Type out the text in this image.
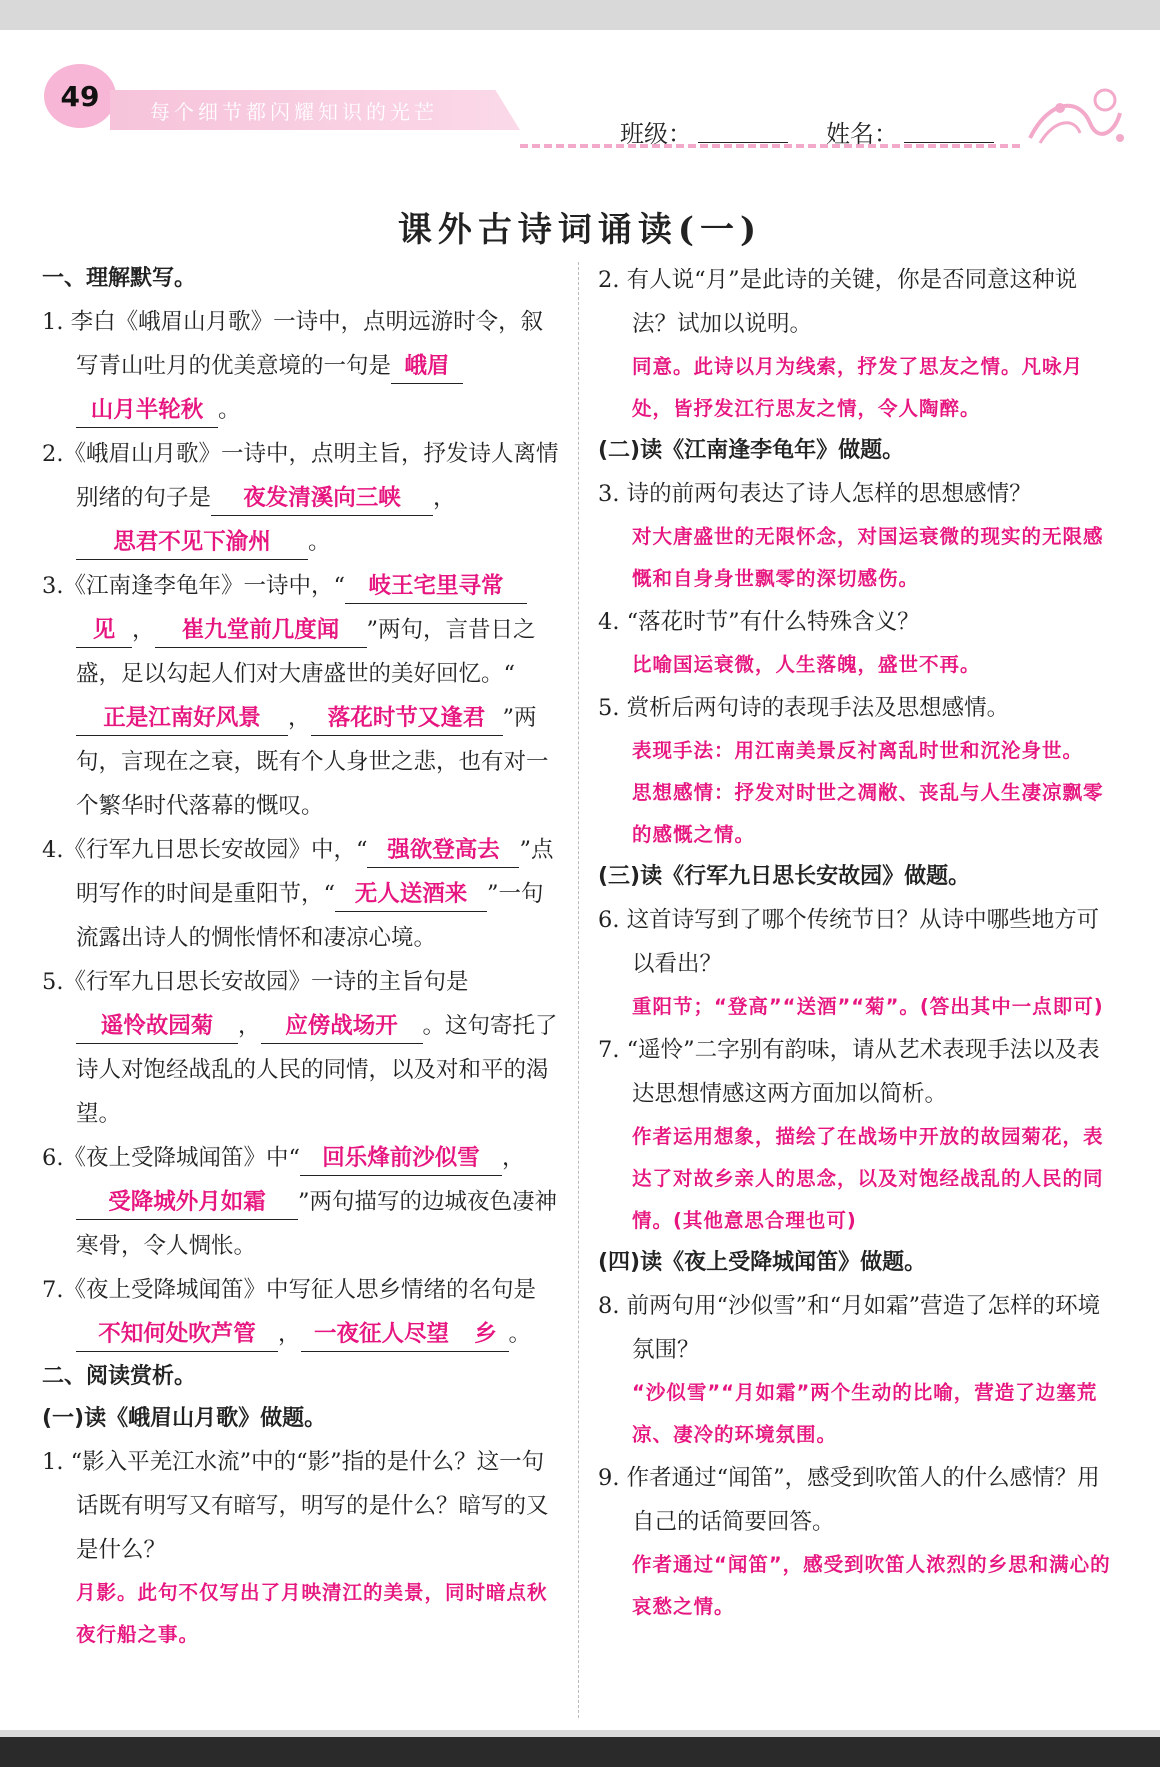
49	每个细节都闪耀知识的光芒
班级：	姓名：
课外古诗词诵读(一)
一、理解默写。
1. 李白《峨眉山月歌》一诗中，点明远游时令，叙写青山吐月的优美意境的一句是 峨眉山月半轮秋 。
2.《峨眉山月歌》一诗中，点明主旨，抒发诗人离情别绪的句子是 夜发清溪向三峡 ，思君不见下渝州 。
3.《江南逢李龟年》一诗中，“ 岐王宅里寻常见 ， 崔九堂前几度闻 ”两句，言昔日之盛，足以勾起人们对大唐盛世的美好回忆。“正是江南好风景 ， 落花时节又逢君 ”两句，言现在之衰，既有个人身世之悲，也有对一个繁华时代落幕的慨叹。
4.《行军九日思长安故园》中，“ 强欲登高去 ”点明写作的时间是重阳节，“ 无人送酒来 ”一句流露出诗人的惆怅情怀和凄凉心境。
5.《行军九日思长安故园》一诗的主旨句是遥怜故园菊 ， 应傍战场开 。这句寄托了诗人对饱经战乱的人民的同情，以及对和平的渴望。
6.《夜上受降城闻笛》中“ 回乐烽前沙似雪 ，受降城外月如霜 ”两句描写的边城夜色凄神寒骨，令人惆怅。
7.《夜上受降城闻笛》中写征人思乡情绪的名句是不知何处吹芦管 ， 一夜征人尽望 乡 。
二、阅读赏析。
(一)读《峨眉山月歌》做题。
1. “影入平羌江水流”中的“影”指的是什么？这一句话既有明写又有暗写，明写的是什么？暗写的又是什么？
月影。此句不仅写出了月映清江的美景，同时暗点秋夜行船之事。
2. 有人说“月”是此诗的关键，你是否同意这种说法？试加以说明。
同意。此诗以月为线索，抒发了思友之情。凡咏月处，皆抒发江行思友之情，令人陶醉。
(二)读《江南逢李龟年》做题。
3. 诗的前两句表达了诗人怎样的思想感情？
对大唐盛世的无限怀念，对国运衰微的现实的无限感慨和自身身世飘零的深切感伤。
4. “落花时节”有什么特殊含义？
比喻国运衰微，人生落魄，盛世不再。
5. 赏析后两句诗的表现手法及思想感情。
表现手法：用江南美景反衬离乱时世和沉沦身世。
思想感情：抒发对时世之凋敝、丧乱与人生凄凉飘零的感慨之情。
(三)读《行军九日思长安故园》做题。
6. 这首诗写到了哪个传统节日？从诗中哪些地方可以看出？
重阳节；“登高”“送酒”“菊”。(答出其中一点即可)
7. “遥怜”二字别有韵味，请从艺术表现手法以及表达思想情感这两方面加以简析。
作者运用想象，描绘了在战场中开放的故园菊花，表达了对故乡亲人的思念，以及对饱经战乱的人民的同情。(其他意思合理也可)
(四)读《夜上受降城闻笛》做题。
8. 前两句用“沙似雪”和“月如霜”营造了怎样的环境氛围？
“沙似雪”“月如霜”两个生动的比喻，营造了边塞荒凉、凄冷的环境氛围。
9. 作者通过“闻笛”，感受到吹笛人的什么感情？用自己的话简要回答。
作者通过“闻笛”，感受到吹笛人浓烈的乡思和满心的哀愁之情。
